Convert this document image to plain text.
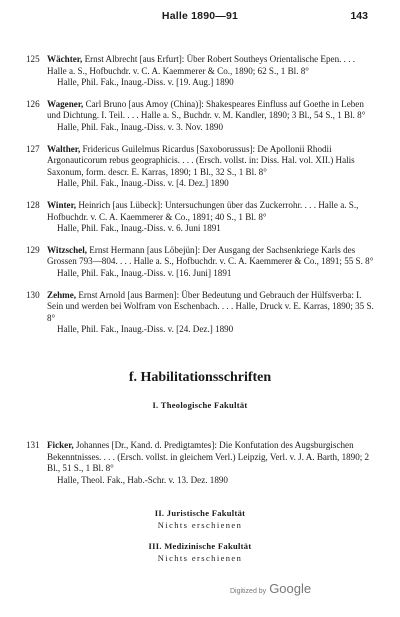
Halle 1890—91	143
125 Wächter, Ernst Albrecht [aus Erfurt]: Über Robert Southeys Orientalische Epen. . . . Halle a. S., Hofbuchdr. v. C. A. Kaemmerer & Co., 1890; 62 S., 1 Bl. 8°
Halle, Phil. Fak., Inaug.-Diss. v. [19. Aug.] 1890
126 Wagener, Carl Bruno [aus Amoy (China)]: Shakespeares Einfluss auf Goethe in Leben und Dichtung. I. Teil. . . . Halle a. S., Buchdr. v. M. Kandler, 1890; 3 Bl., 54 S., 1 Bl. 8°
Halle, Phil. Fak., Inaug.-Diss. v. 3. Nov. 1890
127 Walther, Fridericus Guilelmus Ricardus [Saxoborussus]: De Apollonii Rhodii Argonauticorum rebus geographicis. . . . (Ersch. vollst. in: Diss. Hal. vol. XII.) Halis Saxonum, form. descr. E. Karras, 1890; 1 Bl., 32 S., 1 Bl. 8°
Halle, Phil. Fak., Inaug.-Diss. v. [4. Dez.] 1890
128 Winter, Heinrich [aus Lübeck]: Untersuchungen über das Zuckerrohr. . . . Halle a. S., Hofbuchdr. v. C. A. Kaemmerer & Co., 1891; 40 S., 1 Bl. 8°
Halle, Phil. Fak., Inaug.-Diss. v. 6. Juni 1891
129 Witzschel, Ernst Hermann [aus Löbejün]: Der Ausgang der Sachsenkriege Karls des Grossen 793—804. . . . Halle a. S., Hofbuchdr. v. C. A. Kaemmerer & Co., 1891; 55 S. 8°
Halle, Phil. Fak., Inaug.-Diss. v. [16. Juni] 1891
130 Zehme, Ernst Arnold [aus Barmen]: Über Bedeutung und Gebrauch der Hülfsverba: I. Sein und werden bei Wolfram von Eschenbach. . . . Halle, Druck v. E. Karras, 1890; 35 S. 8°
Halle, Phil. Fak., Inaug.-Diss. v. [24. Dez.] 1890
f. Habilitationsschriften
I. Theologische Fakultät
131 Ficker, Johannes [Dr., Kand. d. Predigtamtes]: Die Konfutation des Augsburgischen Bekenntnisses. . . . (Ersch. vollst. in gleichem Verl.) Leipzig, Verl. v. J. A. Barth, 1890; 2 Bl., 51 S., 1 Bl. 8°
Halle, Theol. Fak., Hab.-Schr. v. 13. Dez. 1890
II. Juristische Fakultät
Nichts erschienen
III. Medizinische Fakultät
Nichts erschienen
Digitized by Google
